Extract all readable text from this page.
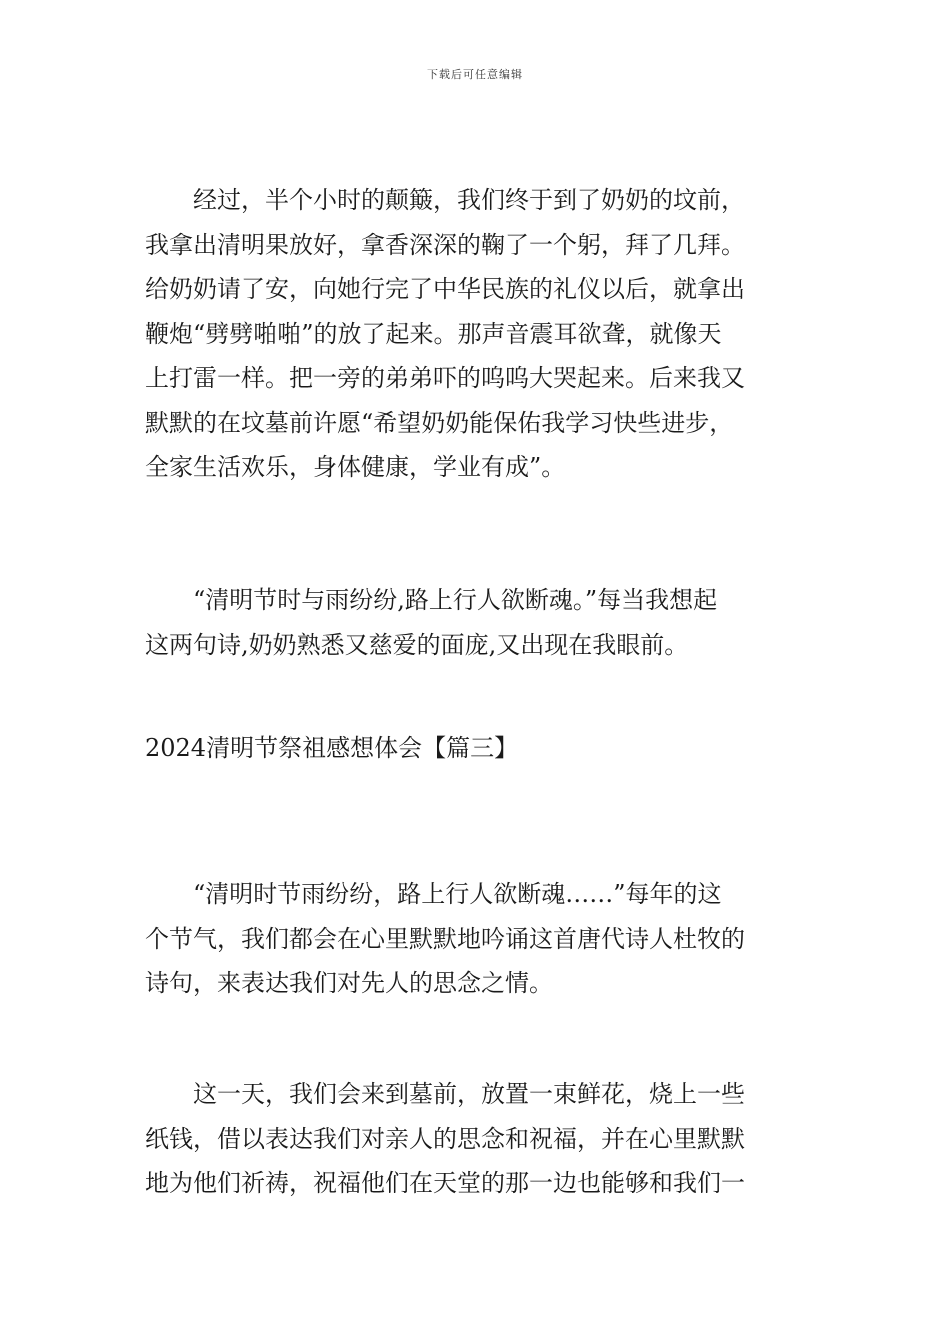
下载后可任意编辑
经过，半个小时的颠簸，我们终于到了奶奶的坟前，
我拿出清明果放好，拿香深深的鞠了一个躬，拜了几拜。
给奶奶请了安，向她行完了中华民族的礼仪以后，就拿出
鞭炮“劈劈啪啪”的放了起来。那声音震耳欲聋，就像天
上打雷一样。把一旁的弟弟吓的呜呜大哭起来。后来我又
默默的在坟墓前许愿“希望奶奶能保佑我学习快些进步，
全家生活欢乐，身体健康，学业有成”。
“清明节时与雨纷纷,路上行人欲断魂。”每当我想起
这两句诗,奶奶熟悉又慈爱的面庞,又出现在我眼前。
2024清明节祭祖感想体会【篇三】
“清明时节雨纷纷，路上行人欲断魂……”每年的这
个节气，我们都会在心里默默地吟诵这首唐代诗人杜牧的
诗句，来表达我们对先人的思念之情。
这一天，我们会来到墓前，放置一束鲜花，烧上一些
纸钱，借以表达我们对亲人的思念和祝福，并在心里默默
地为他们祈祷，祝福他们在天堂的那一边也能够和我们一
